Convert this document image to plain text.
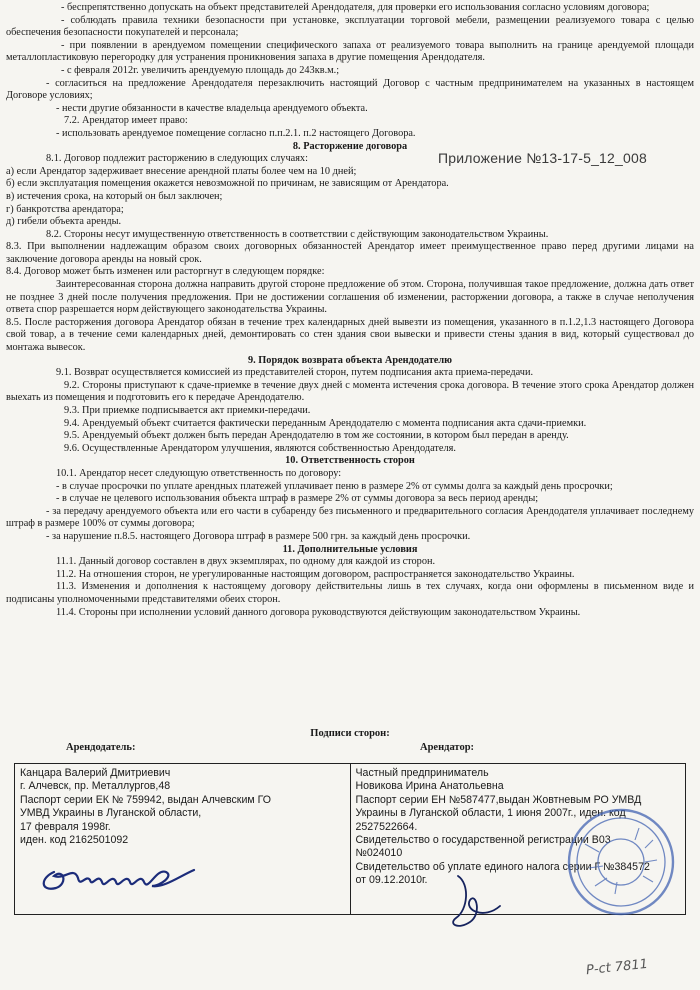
- беспрепятственно допускать на объект представителей Арендодателя, для проверки его использования согласно условиям договора;

- соблюдать правила техники безопасности при установке, эксплуатации торговой мебели, размещении реализуемого товара с целью обеспечения безопасности покупателей и персонала;

- при появлении в арендуемом помещении специфического запаха от реализуемого товара выполнить на границе арендуемой площади металлопластиковую перегородку для устранения проникновения запаха в другие помещения Арендодателя.

- с февраля 2012г. увеличить арендуемую площадь до 243кв.м.;

- согласиться на предложение Арендодателя перезаключить настоящий Договор с частным предпринимателем на указанных в настоящем Договоре условиях;

- нести другие обязанности в качестве владельца арендуемого объекта.

7.2. Арендатор имеет право:

- использовать арендуемое помещение согласно п.п.2.1. п.2 настоящего Договора.

8. Расторжение договора

8.1. Договор подлежит расторжению в следующих случаях:

а) если Арендатор задерживает внесение арендной платы более чем на 10 дней;

б) если эксплуатация помещения окажется невозможной по причинам, не зависящим от Арендатора.

в) истечения срока, на который он был заключен;

г) банкротства арендатора;

д) гибели объекта аренды.

8.2. Стороны несут имущественную ответственность в соответствии с действующим законодательством Украины.

8.3. При выполнении надлежащим образом своих договорных обязанностей Арендатор имеет преимущественное право перед другими лицами на заключение договора аренды на новый срок.

8.4. Договор может быть изменен или расторгнут в следующем порядке:

Заинтересованная сторона должна направить другой стороне предложение об этом. Сторона, получившая такое предложение, должна дать ответ не позднее 3 дней после получения предложения. При не достижении соглашения об изменении, расторжении договора, а также в случае неполучения ответа спор разрешается норм действующего законодательства Украины.

8.5. После расторжения договора Арендатор обязан в течение трех календарных дней вывезти из помещения, указанного в п.1.2,1.3 настоящего Договора свой товар, а в течение семи календарных дней, демонтировать со стен здания свои вывески и привести стены здания в вид, который существовал до монтажа вывесок.

9. Порядок возврата объекта Арендодателю

9.1. Возврат осуществляется комиссией из представителей сторон, путем подписания акта приема-передачи.

9.2. Стороны приступают к сдаче-приемке в течение двух дней с момента истечения срока договора. В течение этого срока Арендатор должен выехать из помещения и подготовить его к передаче Арендодателю.

9.3. При приемке подписывается акт приемки-передачи.

9.4. Арендуемый объект считается фактически переданным Арендодателю с момента подписания акта сдачи-приемки.

9.5. Арендуемый объект должен быть передан Арендодателю в том же состоянии, в котором был передан в аренду.

9.6. Осуществленные Арендатором улучшения, являются собственностью Арендодателя.

10. Ответственность сторон

10.1. Арендатор несет следующую ответственность по договору:

- в случае просрочки по уплате арендных платежей уплачивает пеню в размере 2% от суммы долга за каждый день просрочки;

- в случае не целевого использования объекта штраф в размере 2% от суммы договора за весь период аренды;

- за передачу арендуемого объекта или его части в субаренду без письменного и предварительного согласия Арендодателя уплачивает последнему штраф в размере 100% от суммы договора;

- за нарушение п.8.5. настоящего Договора штраф в размере 500 грн. за каждый день просрочки.

11. Дополнительные условия

11.1. Данный договор составлен в двух экземплярах, по одному для каждой из сторон.

11.2. На отношения сторон, не урегулированные настоящим договором, распространяется законодательство Украины.

11.3. Изменения и дополнения к настоящему договору действительны лишь в тех случаях, когда они оформлены в письменном виде и подписаны уполномоченными представителями обеих сторон.

11.4. Стороны при исполнении условий данного договора руководствуются действующим законодательством Украины.

Приложение №13-17-5_12_008
Подписи сторон:
Арендодатель:	Арендатор:
Канцара Валерий Дмитриевич
г. Алчевск, пр. Металлургов,48
Паспорт серии ЕК № 759942, выдан Алчевским ГО
УМВД Украины в Луганской области,
17 февраля 1998г.
иден. код 2162501092

Частный предприниматель
Новикова Ирина Анатольевна
Паспорт серии ЕН №587477,выдан Жовтневым РО УМВД
Украины в Луганской области, 1 июня 2007г., иден. код
2527522664.
Свидетельство о государственной регистрации В03
№024010
Свидетельство об уплате единого налога серии Г №384572
от 09.12.2010г.
Р-сt 7811
